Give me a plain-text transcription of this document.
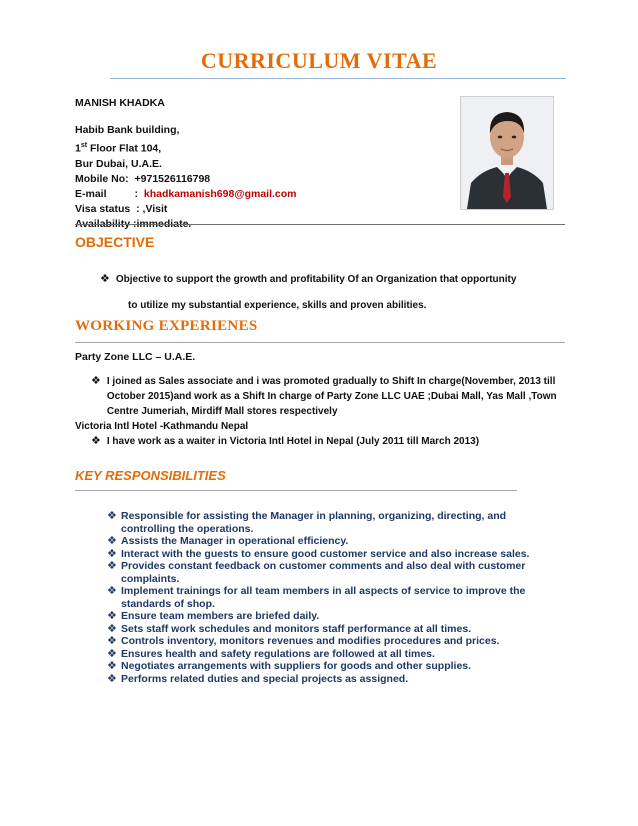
CURRICULUM VITAE
MANISH KHADKA
Habib Bank building,
1st Floor Flat 104,
Bur Dubai, U.A.E.
Mobile No: +971526116798
E-mail	: khadkamanish698@gmail.com
Visa status : ,Visit
Availability :immediate.
OBJECTIVE
❖ Objective to support the growth and profitability Of an Organization that opportunity
to utilize my substantial experience, skills and proven abilities.
WORKING EXPERIENES
Party Zone LLC – U.A.E.
❖ I joined as Sales associate and i was promoted gradually to Shift In charge(November, 2013 till October 2015)and work as a Shift In charge of Party Zone LLC UAE ;Dubai Mall, Yas Mall ,Town Centre Jumeriah, Mirdiff Mall stores respectively
Victoria Intl Hotel -Kathmandu Nepal
❖ I have work as a waiter in Victoria Intl Hotel in Nepal (July 2011 till March 2013)
KEY RESPONSIBILITIES
❖ Responsible for assisting the Manager in planning, organizing, directing, and controlling the operations.
❖ Assists the Manager in operational efficiency.
❖ Interact with the guests to ensure good customer service and also increase sales.
❖ Provides constant feedback on customer comments and also deal with customer complaints.
❖ Implement trainings for all team members in all aspects of service to improve the standards of shop.
❖ Ensure team members are briefed daily.
❖ Sets staff work schedules and monitors staff performance at all times.
❖ Controls inventory, monitors revenues and modifies procedures and prices.
❖ Ensures health and safety regulations are followed at all times.
❖ Negotiates arrangements with suppliers for goods and other supplies.
❖ Performs related duties and special projects as assigned.
